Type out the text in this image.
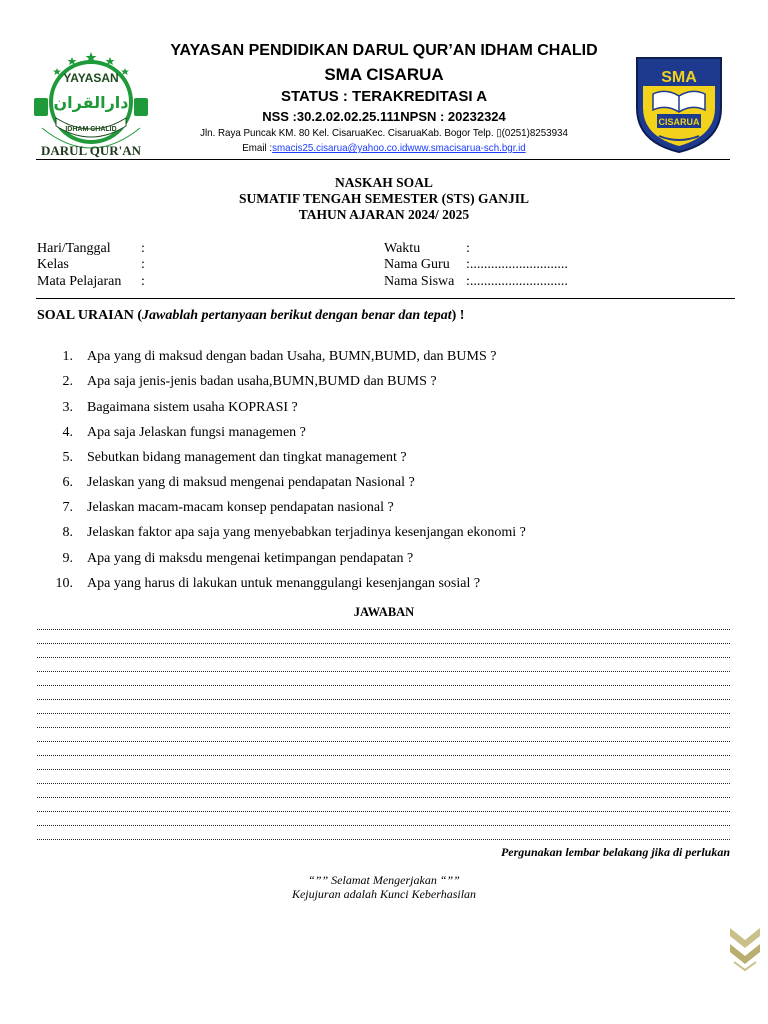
YAYASAN
دارالقران
IDHAM CHALID
DARUL QUR'AN
SMA
CISARUA
YAYASAN PENDIDIKAN DARUL QUR’AN IDHAM CHALID
SMA CISARUA
STATUS : TERAKREDITASI A
NSS :30.2.02.02.25.111NPSN : 20232324
Jln. Raya Puncak KM. 80 Kel. CisaruaKec. CisaruaKab. Bogor Telp. ▯(0251)8253934
Email :smacis25.cisarua@yahoo.co.idwww.smacisarua-sch.bgr.id
NASKAH SOAL
SUMATIF TENGAH SEMESTER (STS) GANJIL
TAHUN AJARAN 2024/ 2025
Hari/Tanggal :
Kelas	:
Mata Pelajaran :
Waktu	:
Nama Guru :............................
Nama Siswa :............................
SOAL URAIAN (Jawablah pertanyaan berikut dengan benar dan tepat) !
1. Apa yang di maksud dengan badan Usaha, BUMN,BUMD, dan BUMS ?
2. Apa saja jenis-jenis badan usaha,BUMN,BUMD dan BUMS ?
3. Bagaimana sistem usaha KOPRASI ?
4. Apa saja Jelaskan fungsi managemen ?
5. Sebutkan bidang management dan tingkat management ?
6. Jelaskan yang di maksud mengenai pendapatan Nasional ?
7. Jelaskan macam-macam konsep pendapatan nasional ?
8. Jelaskan faktor apa saja yang menyebabkan terjadinya kesenjangan ekonomi ?
9. Apa yang di maksdu mengenai ketimpangan pendapatan ?
10. Apa yang harus di lakukan untuk menanggulangi kesenjangan sosial ?
JAWABAN
Pergunakan lembar belakang jika di perlukan
“”” Selamat Mengerjakan “””
Kejujuran adalah Kunci Keberhasilan
